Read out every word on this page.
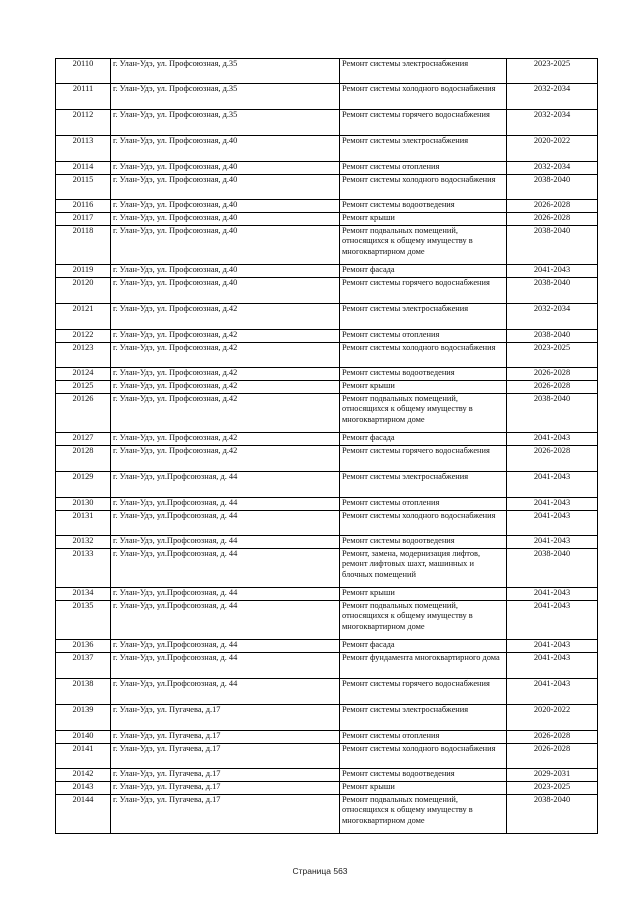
20110	г. Улан-Удэ, ул. Профсоюзная, д.35	Ремонт системы электроснабжения	2023-2025
20111	г. Улан-Удэ, ул. Профсоюзная, д.35	Ремонт системы холодного водоснабжения	2032-2034
20112	г. Улан-Удэ, ул. Профсоюзная, д.35	Ремонт системы горячего водоснабжения	2032-2034
20113	г. Улан-Удэ, ул. Профсоюзная, д.40	Ремонт системы электроснабжения	2020-2022
20114	г. Улан-Удэ, ул. Профсоюзная, д.40	Ремонт системы отопления	2032-2034
20115	г. Улан-Удэ, ул. Профсоюзная, д.40	Ремонт системы холодного водоснабжения	2038-2040
20116	г. Улан-Удэ, ул. Профсоюзная, д.40	Ремонт системы водоотведения	2026-2028
20117	г. Улан-Удэ, ул. Профсоюзная, д.40	Ремонт крыши	2026-2028
20118	г. Улан-Удэ, ул. Профсоюзная, д.40	Ремонт подвальных помещений, относящихся к общему имуществу в многоквартирном доме	2038-2040
20119	г. Улан-Удэ, ул. Профсоюзная, д.40	Ремонт фасада	2041-2043
20120	г. Улан-Удэ, ул. Профсоюзная, д.40	Ремонт системы горячего водоснабжения	2038-2040
20121	г. Улан-Удэ, ул. Профсоюзная, д.42	Ремонт системы электроснабжения	2032-2034
20122	г. Улан-Удэ, ул. Профсоюзная, д.42	Ремонт системы отопления	2038-2040
20123	г. Улан-Удэ, ул. Профсоюзная, д.42	Ремонт системы холодного водоснабжения	2023-2025
20124	г. Улан-Удэ, ул. Профсоюзная, д.42	Ремонт системы водоотведения	2026-2028
20125	г. Улан-Удэ, ул. Профсоюзная, д.42	Ремонт крыши	2026-2028
20126	г. Улан-Удэ, ул. Профсоюзная, д.42	Ремонт подвальных помещений, относящихся к общему имуществу в многоквартирном доме	2038-2040
20127	г. Улан-Удэ, ул. Профсоюзная, д.42	Ремонт фасада	2041-2043
20128	г. Улан-Удэ, ул. Профсоюзная, д.42	Ремонт системы горячего водоснабжения	2026-2028
20129	г. Улан-Удэ, ул.Профсоюзная, д. 44	Ремонт системы электроснабжения	2041-2043
20130	г. Улан-Удэ, ул.Профсоюзная, д. 44	Ремонт системы отопления	2041-2043
20131	г. Улан-Удэ, ул.Профсоюзная, д. 44	Ремонт системы холодного водоснабжения	2041-2043
20132	г. Улан-Удэ, ул.Профсоюзная, д. 44	Ремонт системы водоотведения	2041-2043
20133	г. Улан-Удэ, ул.Профсоюзная, д. 44	Ремонт, замена, модернизация лифтов, ремонт лифтовых шахт, машинных и блочных помещений	2038-2040
20134	г. Улан-Удэ, ул.Профсоюзная, д. 44	Ремонт крыши	2041-2043
20135	г. Улан-Удэ, ул.Профсоюзная, д. 44	Ремонт подвальных помещений, относящихся к общему имуществу в многоквартирном доме	2041-2043
20136	г. Улан-Удэ, ул.Профсоюзная, д. 44	Ремонт фасада	2041-2043
20137	г. Улан-Удэ, ул.Профсоюзная, д. 44	Ремонт фундамента многоквартирного дома	2041-2043
20138	г. Улан-Удэ, ул.Профсоюзная, д. 44	Ремонт системы горячего водоснабжения	2041-2043
20139	г. Улан-Удэ, ул. Пугачева, д.17	Ремонт системы электроснабжения	2020-2022
20140	г. Улан-Удэ, ул. Пугачева, д.17	Ремонт системы отопления	2026-2028
20141	г. Улан-Удэ, ул. Пугачева, д.17	Ремонт системы холодного водоснабжения	2026-2028
20142	г. Улан-Удэ, ул. Пугачева, д.17	Ремонт системы водоотведения	2029-2031
20143	г. Улан-Удэ, ул. Пугачева, д.17	Ремонт крыши	2023-2025
20144	г. Улан-Удэ, ул. Пугачева, д.17	Ремонт подвальных помещений, относящихся к общему имуществу в многоквартирном доме	2038-2040
Страница 563
